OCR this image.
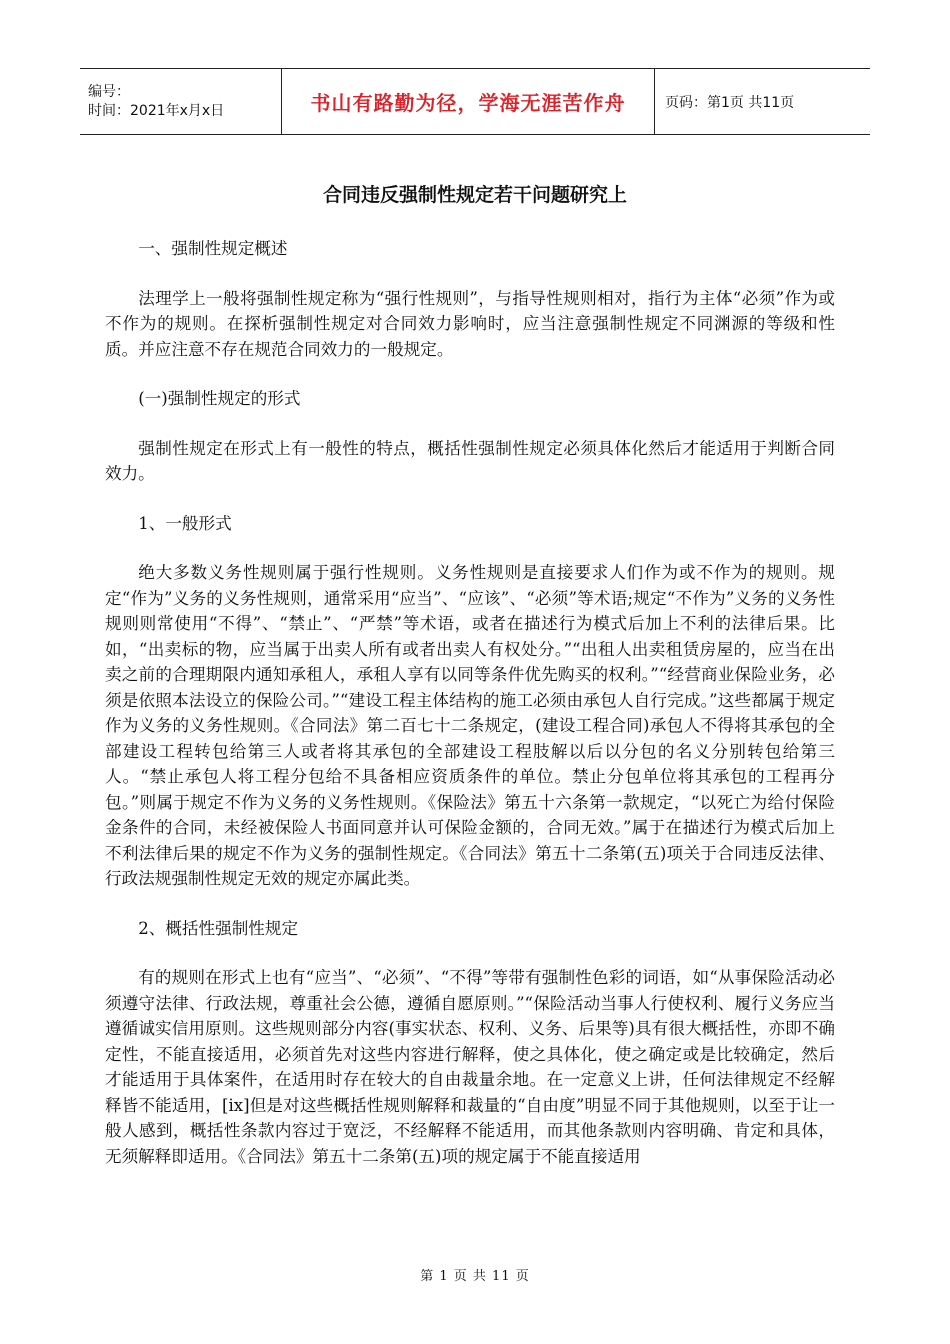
编号：
时间：2021年x月x日	书山有路勤为径，学海无涯苦作舟	页码：第1页 共11页
合同违反强制性规定若干问题研究上

一、强制性规定概述

法理学上一般将强制性规定称为“强行性规则”，与指导性规则相对，指行为主体“必须”作为或不作为的规则。在探析强制性规定对合同效力影响时，应当注意强制性规定不同渊源的等级和性质。并应注意不存在规范合同效力的一般规定。

(一)强制性规定的形式

强制性规定在形式上有一般性的特点，概括性强制性规定必须具体化然后才能适用于判断合同效力。

1、一般形式

绝大多数义务性规则属于强行性规则。义务性规则是直接要求人们作为或不作为的规则。规定“作为”义务的义务性规则，通常采用“应当”、“应该”、“必须”等术语;规定“不作为”义务的义务性规则则常使用“不得”、“禁止”、“严禁”等术语，或者在描述行为模式后加上不利的法律后果。比如，“出卖标的物，应当属于出卖人所有或者出卖人有权处分。”“出租人出卖租赁房屋的，应当在出卖之前的合理期限内通知承租人，承租人享有以同等条件优先购买的权利。”“经营商业保险业务，必须是依照本法设立的保险公司。”“建设工程主体结构的施工必须由承包人自行完成。”这些都属于规定作为义务的义务性规则。《合同法》第二百七十二条规定，(建设工程合同)承包人不得将其承包的全部建设工程转包给第三人或者将其承包的全部建设工程肢解以后以分包的名义分别转包给第三人。“禁止承包人将工程分包给不具备相应资质条件的单位。禁止分包单位将其承包的工程再分包。”则属于规定不作为义务的义务性规则。《保险法》第五十六条第一款规定，“以死亡为给付保险金条件的合同，未经被保险人书面同意并认可保险金额的，合同无效。”属于在描述行为模式后加上不利法律后果的规定不作为义务的强制性规定。《合同法》第五十二条第(五)项关于合同违反法律、行政法规强制性规定无效的规定亦属此类。

2、概括性强制性规定

有的规则在形式上也有“应当”、“必须”、“不得”等带有强制性色彩的词语，如“从事保险活动必须遵守法律、行政法规，尊重社会公德，遵循自愿原则。”“保险活动当事人行使权利、履行义务应当遵循诚实信用原则。这些规则部分内容(事实状态、权利、义务、后果等)具有很大概括性，亦即不确定性，不能直接适用，必须首先对这些内容进行解释，使之具体化，使之确定或是比较确定，然后才能适用于具体案件，在适用时存在较大的自由裁量余地。在一定意义上讲，任何法律规定不经解释皆不能适用，[ix]但是对这些概括性规则解释和裁量的“自由度”明显不同于其他规则，以至于让一般人感到，概括性条款内容过于宽泛，不经解释不能适用，而其他条款则内容明确、肯定和具体，无须解释即适用。《合同法》第五十二条第(五)项的规定属于不能直接适用

第 1 页 共 11 页
